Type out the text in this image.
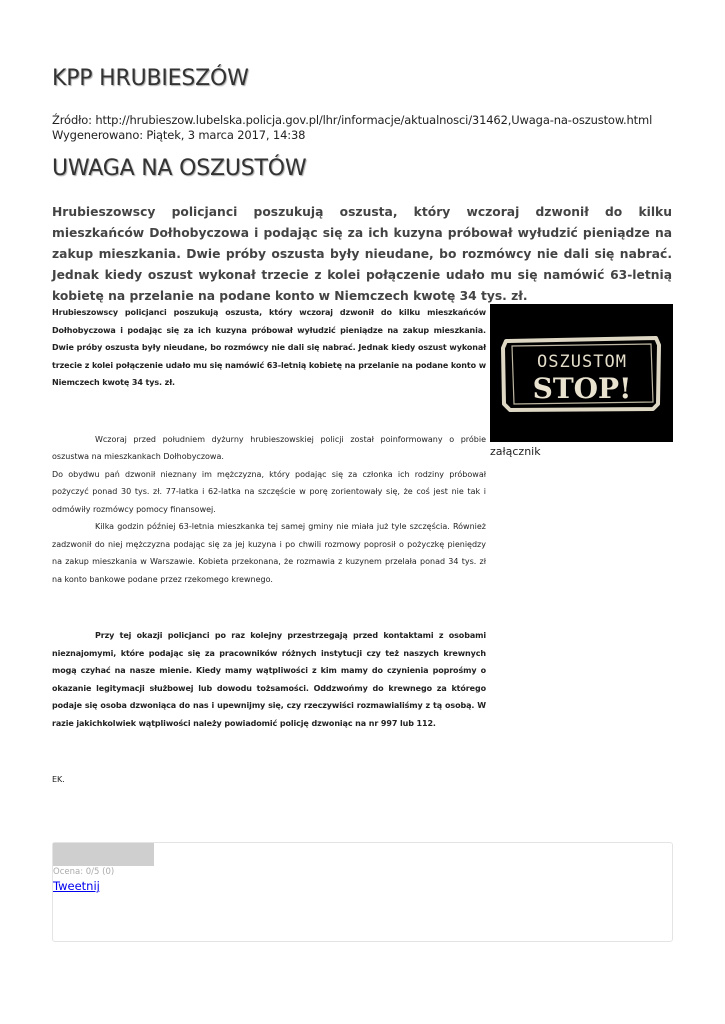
KPP HRUBIESZÓW
Źródło: http://hrubieszow.lubelska.policja.gov.pl/lhr/informacje/aktualnosci/31462,Uwaga-na-oszustow.html
Wygenerowano: Piątek, 3 marca 2017, 14:38
UWAGA NA OSZUSTÓW

Hrubieszowscy policjanci poszukują oszusta, który wczoraj dzwonił do kilku mieszkańców Dołhobyczowa i podając się za ich kuzyna próbował wyłudzić pieniądze na zakup mieszkania. Dwie próby oszusta były nieudane, bo rozmówcy nie dali się nabrać. Jednak kiedy oszust wykonał trzecie z kolei połączenie udało mu się namówić 63-letnią kobietę na przelanie na podane konto w Niemczech kwotę 34 tys. zł.

Hrubieszowscy policjanci poszukują oszusta, który wczoraj dzwonił do kilku mieszkańców Dołhobyczowa i podając się za ich kuzyna próbował wyłudzić pieniądze na zakup mieszkania. Dwie próby oszusta były nieudane, bo rozmówcy nie dali się nabrać. Jednak kiedy oszust wykonał trzecie z kolei połączenie udało mu się namówić 63-letnią kobietę na przelanie na podane konto w Niemczech kwotę 34 tys. zł.

Wczoraj przed południem dyżurny hrubieszowskiej policji został poinformowany o próbie oszustwa na mieszkankach Dołhobyczowa.

Do obydwu pań dzwonił nieznany im mężczyzna, który podając się za członka ich rodziny próbował pożyczyć ponad 30 tys. zł. 77-latka i 62-latka na szczęście w porę zorientowały się, że coś jest nie tak i odmówiły rozmówcy pomocy finansowej.

Kilka godzin później 63-letnia mieszkanka tej samej gminy nie miała już tyle szczęścia. Również zadzwonił do niej mężczyzna podając się za jej kuzyna i po chwili rozmowy poprosił o pożyczkę pieniędzy na zakup mieszkania w Warszawie. Kobieta przekonana, że rozmawia z kuzynem przelała ponad 34 tys. zł na konto bankowe podane przez rzekomego krewnego.

Przy tej okazji policjanci po raz kolejny przestrzegają przed kontaktami z osobami nieznajomymi, które podając się za pracowników różnych instytucji czy też naszych krewnych mogą czyhać na nasze mienie. Kiedy mamy wątpliwości z kim mamy do czynienia poprośmy o okazanie legitymacji służbowej lub dowodu tożsamości. Oddzwońmy do krewnego za którego podaje się osoba dzwoniąca do nas i upewnijmy się, czy rzeczywiści rozmawialiśmy z tą osobą. W razie jakichkolwiek wątpliwości należy powiadomić policję dzwoniąc na nr 997 lub 112.

EK.

OSZUSTOM
STOP!
załącznik
Ocena: 0/5 (0)
Tweetnij
